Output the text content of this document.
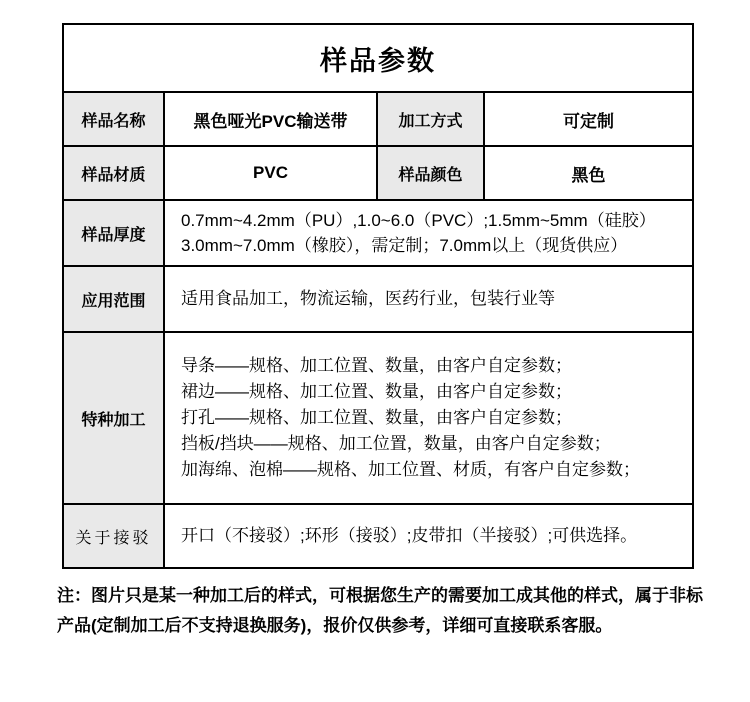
样品参数			
样品名称	黑色哑光PVC输送带	加工方式	可定制
样品材质	PVC	样品颜色	黑色
样品厚度	0.7mm~4.2mm（PU）,1.0~6.0（PVC）;1.5mm~5mm（硅胶）
3.0mm~7.0mm（橡胶），需定制；7.0mm以上（现货供应）		

应用范围	适用食品加工，物流运输，医药行业，包装行业等		

特种加工	导条——规格、加工位置、数量，由客户自定参数；
裙边——规格、加工位置、数量，由客户自定参数；
打孔——规格、加工位置、数量，由客户自定参数；
挡板/挡块——规格、加工位置，数量，由客户自定参数；
加海绵、泡棉——规格、加工位置、材质，有客户自定参数；		

关于接驳	开口（不接驳）;环形（接驳）;皮带扣（半接驳）;可供选择。		
注：图片只是某一种加工后的样式，可根据您生产的需要加工成其他的样式，属于非标
产品(定制加工后不支持退换服务)，报价仅供参考，详细可直接联系客服。
